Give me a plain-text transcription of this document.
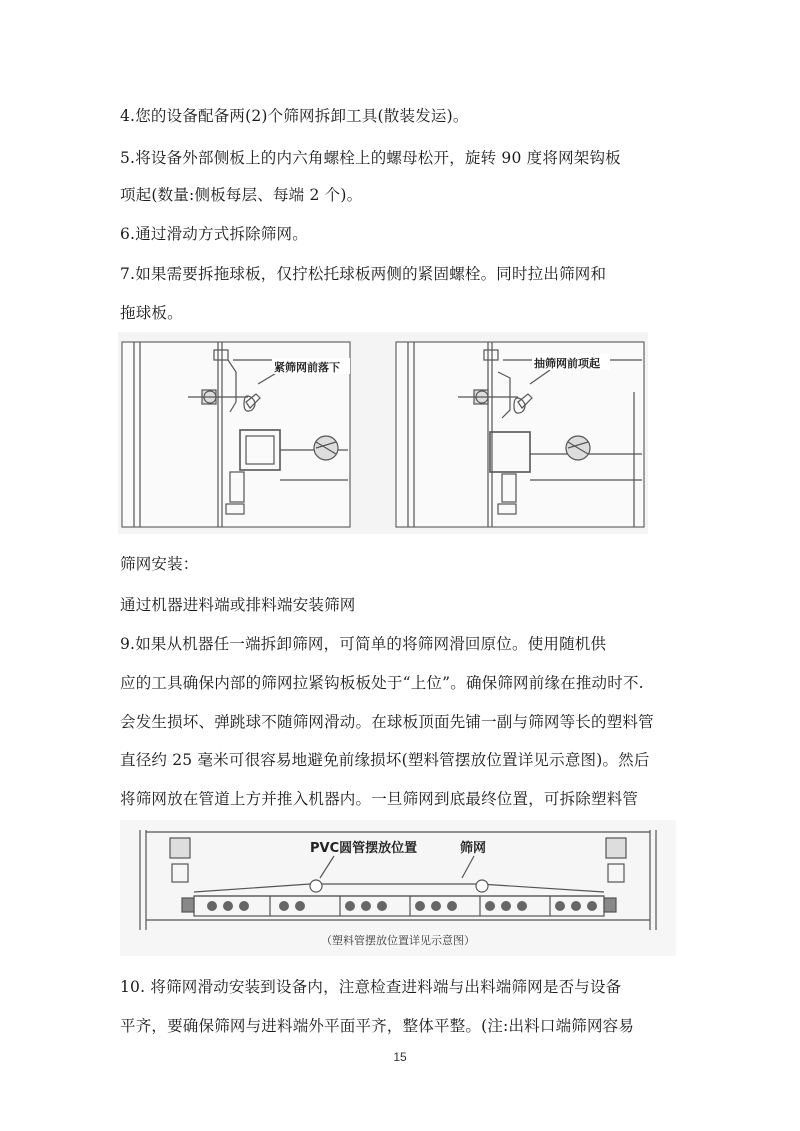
4.您的设备配备两(2)个筛网拆卸工具(散装发运)。
5.将设备外部侧板上的内六角螺栓上的螺母松开，旋转 90 度将网架钩板
项起(数量:侧板每层、每端 2 个)。
6.通过滑动方式拆除筛网。
7.如果需要拆拖球板，仅拧松托球板两侧的紧固螺栓。同时拉出筛网和
拖球板。
紧筛网前落下	抽筛网前项起
筛网安装：
通过机器进料端或排料端安装筛网
9.如果从机器任一端拆卸筛网，可简单的将筛网滑回原位。使用随机供
应的工具确保内部的筛网拉紧钩板板处于“上位”。确保筛网前缘在推动时不.
会发生损坏、弹跳球不随筛网滑动。在球板顶面先铺一副与筛网等长的塑料管
直径约 25 毫米可很容易地避免前缘损坏(塑料管摆放位置详见示意图)。然后
将筛网放在管道上方并推入机器内。一旦筛网到底最终位置，可拆除塑料管
PVC圆管摆放位置	筛网
（塑料管摆放位置详见示意图）
10. 将筛网滑动安装到设备内，注意检查进料端与出料端筛网是否与设备
平齐，要确保筛网与进料端外平面平齐，整体平整。(注:出料口端筛网容易
15
